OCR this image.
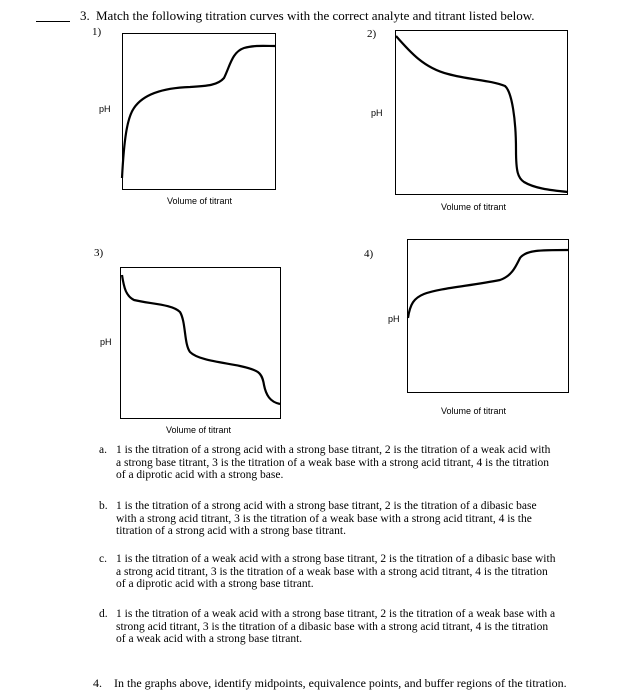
3. Match the following titration curves with the correct analyte and titrant listed below.
1)
pH
Volume of titrant
2)
pH
Volume of titrant
3)
pH
Volume of titrant
4)
pH
Volume of titrant
a. 1 is the titration of a strong acid with a strong base titrant, 2 is the titration of a weak acid with a strong base titrant, 3 is the titration of a weak base with a strong acid titrant, 4 is the titration of a diprotic acid with a strong base.
b. 1 is the titration of a strong acid with a strong base titrant, 2 is the titration of a dibasic base with a strong acid titrant, 3 is the titration of a weak base with a strong acid titrant, 4 is the titration of a strong acid with a strong base titrant.
c. 1 is the titration of a weak acid with a strong base titrant, 2 is the titration of a dibasic base with a strong acid titrant, 3 is the titration of a weak base with a strong acid titrant, 4 is the titration of a diprotic acid with a strong base titrant.
d. 1 is the titration of a weak acid with a strong base titrant, 2 is the titration of a weak base with a strong acid titrant, 3 is the titration of a dibasic base with a strong acid titrant, 4 is the titration of a weak acid with a strong base titrant.
4. In the graphs above, identify midpoints, equivalence points, and buffer regions of the titration.
